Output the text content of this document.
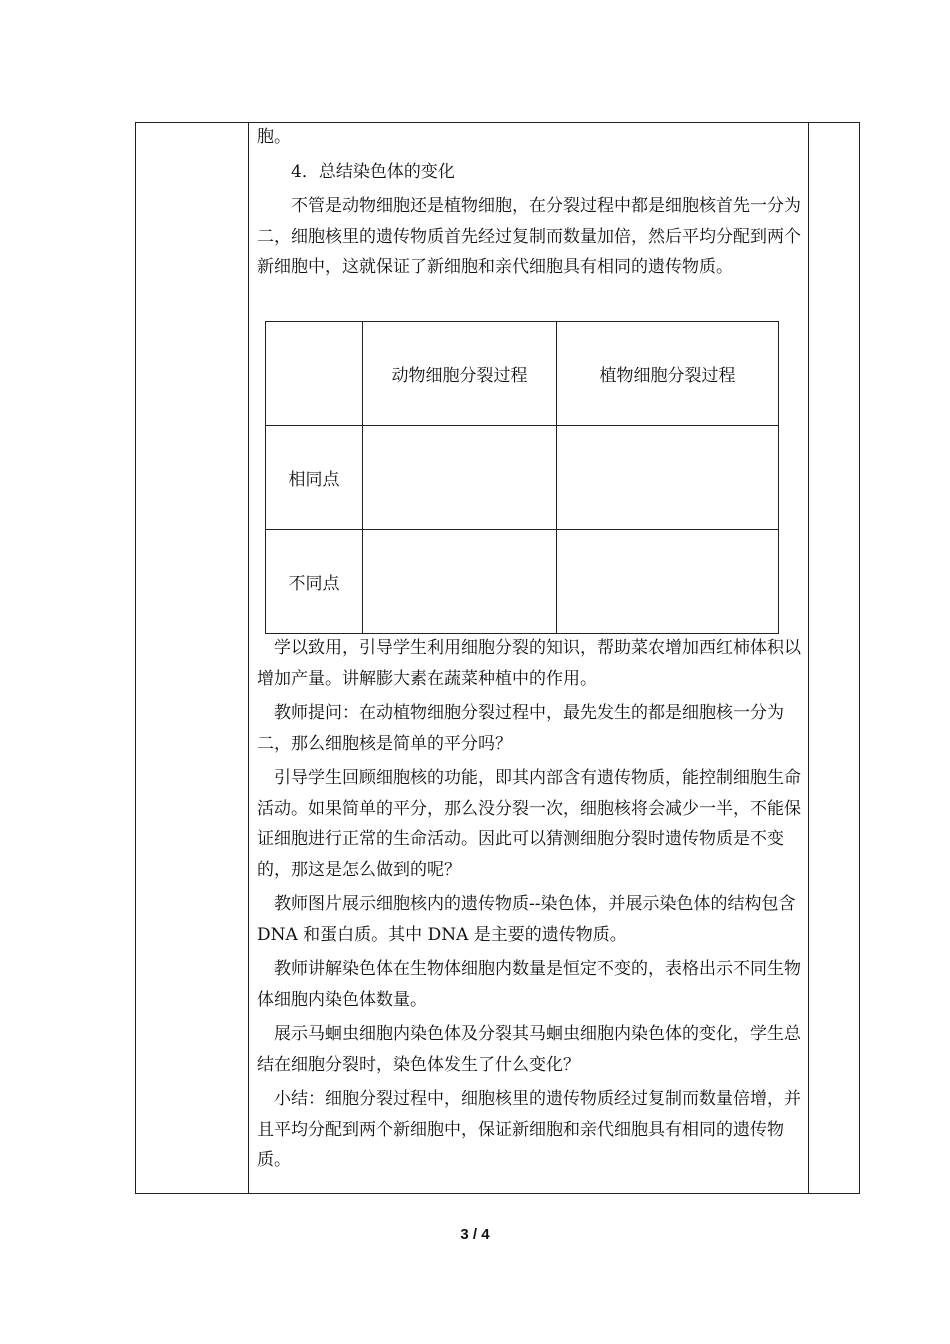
胞。

4．总结染色体的变化

不管是动物细胞还是植物细胞，在分裂过程中都是细胞核首先一分为二，细胞核里的遗传物质首先经过复制而数量加倍，然后平均分配到两个新细胞中，这就保证了新细胞和亲代细胞具有相同的遗传物质。

	动物细胞分裂过程	植物细胞分裂过程
相同点		
不同点		

学以致用，引导学生利用细胞分裂的知识，帮助菜农增加西红柿体积以增加产量。讲解膨大素在蔬菜种植中的作用。

教师提问：在动植物细胞分裂过程中，最先发生的都是细胞核一分为二，那么细胞核是简单的平分吗？

引导学生回顾细胞核的功能，即其内部含有遗传物质，能控制细胞生命活动。如果简单的平分，那么没分裂一次，细胞核将会减少一半，不能保证细胞进行正常的生命活动。因此可以猜测细胞分裂时遗传物质是不变的，那这是怎么做到的呢？

教师图片展示细胞核内的遗传物质--染色体，并展示染色体的结构包含 DNA 和蛋白质。其中 DNA 是主要的遗传物质。

教师讲解染色体在生物体细胞内数量是恒定不变的，表格出示不同生物体细胞内染色体数量。

展示马蛔虫细胞内染色体及分裂其马蛔虫细胞内染色体的变化，学生总结在细胞分裂时，染色体发生了什么变化？

小结：细胞分裂过程中，细胞核里的遗传物质经过复制而数量倍增，并且平均分配到两个新细胞中，保证新细胞和亲代细胞具有相同的遗传物质。

3 / 4
